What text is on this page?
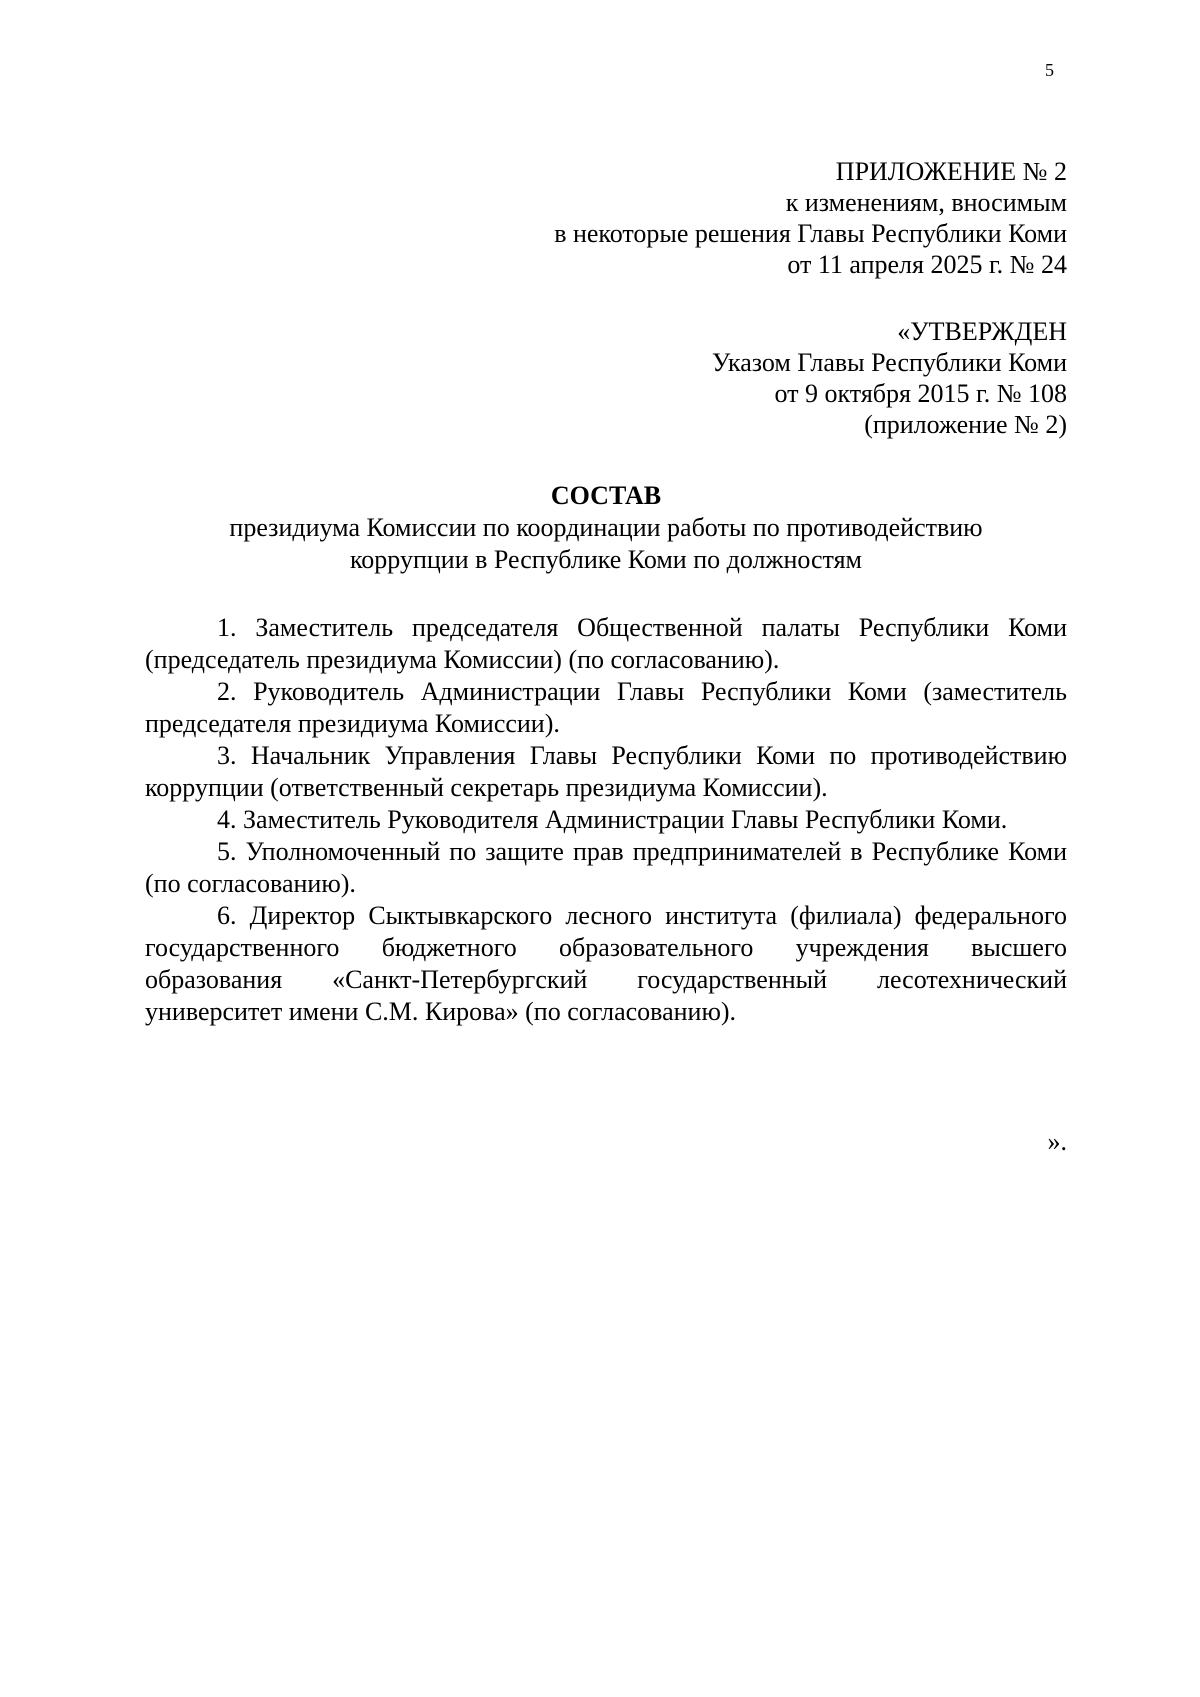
5
ПРИЛОЖЕНИЕ № 2
к изменениям, вносимым
в некоторые решения Главы Республики Коми
от 11 апреля 2025 г. № 24
«УТВЕРЖДЕН
Указом Главы Республики Коми
от 9 октября 2015 г. № 108
(приложение № 2)
СОСТАВ
президиума Комиссии по координации работы по противодействию
коррупции в Республике Коми по должностям

1. Заместитель председателя Общественной палаты Республики Коми (председатель президиума Комиссии) (по согласованию).

2. Руководитель Администрации Главы Республики Коми (заместитель председателя президиума Комиссии).

3. Начальник Управления Главы Республики Коми по противодействию коррупции (ответственный секретарь президиума Комиссии).

4. Заместитель Руководителя Администрации Главы Республики Коми.

5. Уполномоченный по защите прав предпринимателей в Республике Коми (по согласованию).

6. Директор Сыктывкарского лесного института (филиала) федерального государственного бюджетного образовательного учреждения высшего образования «Санкт-Петербургский государственный лесотехнический университет имени С.М. Кирова» (по согласованию).

».
